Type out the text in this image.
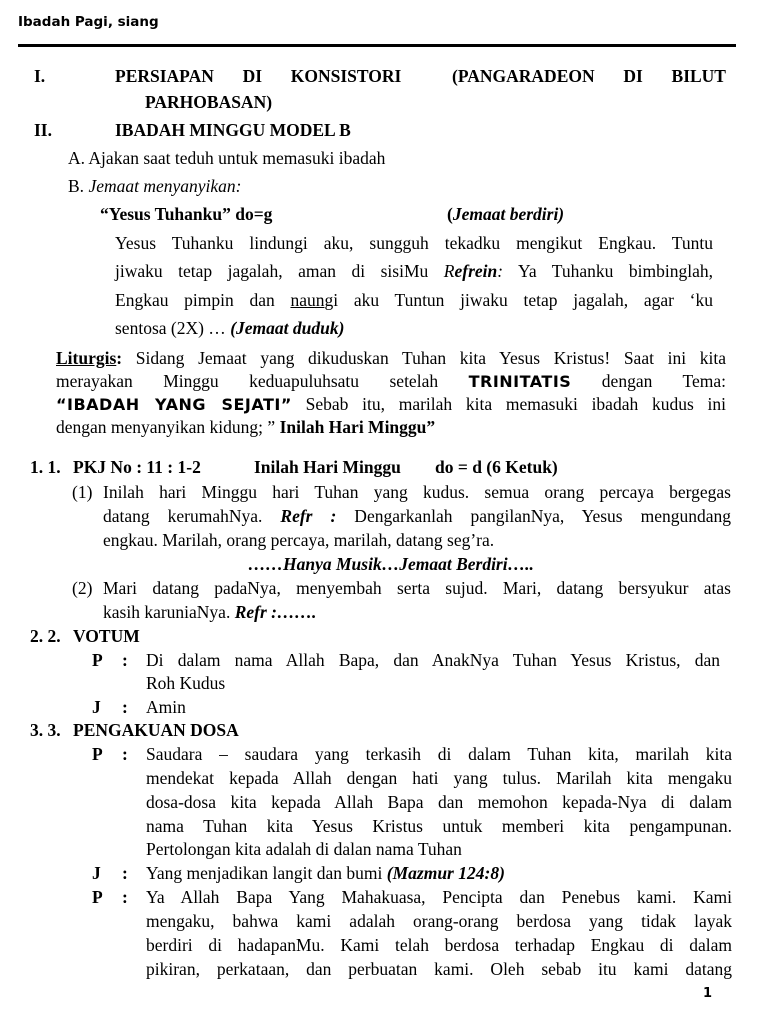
Ibadah Pagi, siang
I.	PERSIAPAN DI KONSISTORI	(PANGARADEON DI BILUT
PARHOBASAN)
II.	IBADAH MINGGU MODEL B
A. Ajakan saat teduh untuk memasuki ibadah
B. Jemaat menyanyikan:
“Yesus Tuhanku” do=g	(Jemaat berdiri)
Yesus Tuhanku lindungi aku, sungguh tekadku mengikut Engkau. Tuntu
jiwaku tetap jagalah, aman di sisiMu Refrein: Ya Tuhanku bimbinglah,
Engkau pimpin dan naungi aku Tuntun jiwaku tetap jagalah, agar ‘ku
sentosa (2X) … (Jemaat duduk)
Liturgis: Sidang Jemaat yang dikuduskan Tuhan kita Yesus Kristus! Saat ini kita
merayakan Minggu keduapuluhsatu setelah TRINITATIS dengan Tema:
“IBADAH YANG SEJATI” Sebab itu, marilah kita memasuki ibadah kudus ini
dengan menyanyikan kidung; ” Inilah Hari Minggu”
1. 1. PKJ No : 11 : 1-2	Inilah Hari Minggu do = d (6 Ketuk)
(1) Inilah hari Minggu hari Tuhan yang kudus. semua orang percaya bergegas
datang kerumahNya. Refr : Dengarkanlah pangilanNya, Yesus mengundang
engkau. Marilah, orang percaya, marilah, datang seg’ra.
……Hanya Musik…Jemaat Berdiri…..
(2) Mari datang padaNya, menyembah serta sujud. Mari, datang bersyukur atas
kasih karuniaNya. Refr :…….
2. 2. VOTUM
P : Di dalam nama Allah Bapa, dan AnakNya Tuhan Yesus Kristus, dan
Roh Kudus
J : Amin
3. 3. PENGAKUAN DOSA
P : Saudara – saudara yang terkasih di dalam Tuhan kita, marilah kita
mendekat kepada Allah dengan hati yang tulus. Marilah kita mengaku
dosa-dosa kita kepada Allah Bapa dan memohon kepada-Nya di dalam
nama Tuhan kita Yesus Kristus untuk memberi kita pengampunan.
Pertolongan kita adalah di dalan nama Tuhan
J : Yang menjadikan langit dan bumi (Mazmur 124:8)
P : Ya Allah Bapa Yang Mahakuasa, Pencipta dan Penebus kami. Kami
mengaku, bahwa kami adalah orang-orang berdosa yang tidak layak
berdiri di hadapanMu. Kami telah berdosa terhadap Engkau di dalam
pikiran, perkataan, dan perbuatan kami. Oleh sebab itu kami datang
1
